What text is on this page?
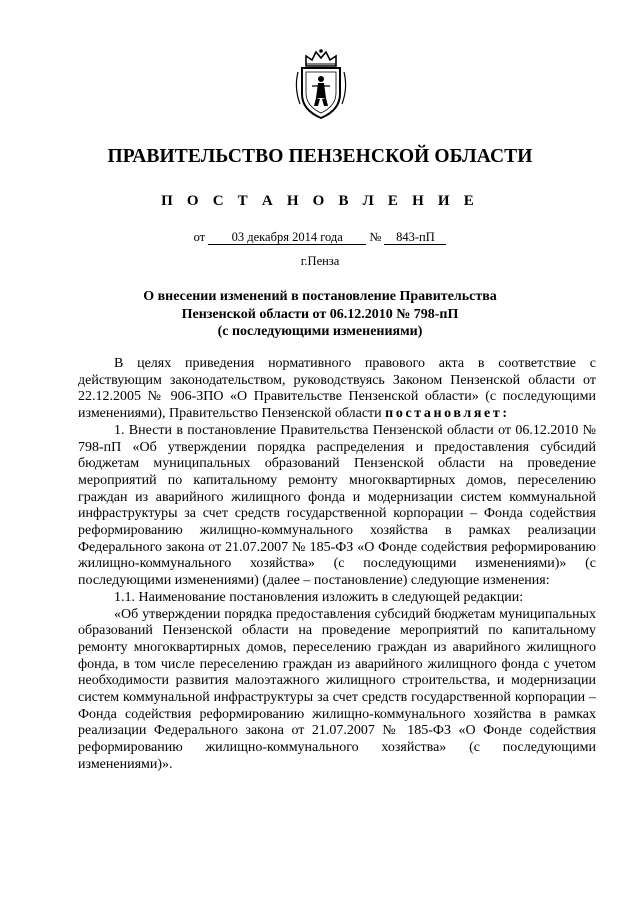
ПРАВИТЕЛЬСТВО ПЕНЗЕНСКОЙ ОБЛАСТИ
П О С Т А Н О В Л Е Н И Е
от 03 декабря 2014 года № 843-пП
г.Пенза
О внесении изменений в постановление Правительства
Пензенской области от 06.12.2010 № 798-пП
(с последующими изменениями)

В целях приведения нормативного правового акта в соответствие с действующим законодательством, руководствуясь Законом Пензенской области от 22.12.2005 № 906-ЗПО «О Правительстве Пензенской области» (с последующими изменениями), Правительство Пензенской области постановляет:

1. Внести в постановление Правительства Пензенской области от 06.12.2010 № 798-пП «Об утверждении порядка распределения и предоставления субсидий бюджетам муниципальных образований Пензенской области на проведение мероприятий по капитальному ремонту многоквартирных домов, переселению граждан из аварийного жилищного фонда и модернизации систем коммунальной инфраструктуры за счет средств государственной корпорации – Фонда содействия реформированию жилищно-коммунального хозяйства в рамках реализации Федерального закона от 21.07.2007 № 185-ФЗ «О Фонде содействия реформированию жилищно-коммунального хозяйства» (с последующими изменениями)» (с последующими изменениями) (далее – постановление) следующие изменения:

1.1. Наименование постановления изложить в следующей редакции:

«Об утверждении порядка предоставления субсидий бюджетам муниципальных образований Пензенской области на проведение мероприятий по капитальному ремонту многоквартирных домов, переселению граждан из аварийного жилищного фонда, в том числе переселению граждан из аварийного жилищного фонда с учетом необходимости развития малоэтажного жилищного строительства, и модернизации систем коммунальной инфраструктуры за счет средств государственной корпорации – Фонда содействия реформированию жилищно-коммунального хозяйства в рамках реализации Федерального закона от 21.07.2007 № 185-ФЗ «О Фонде содействия реформированию жилищно-коммунального хозяйства» (с последующими изменениями)».
